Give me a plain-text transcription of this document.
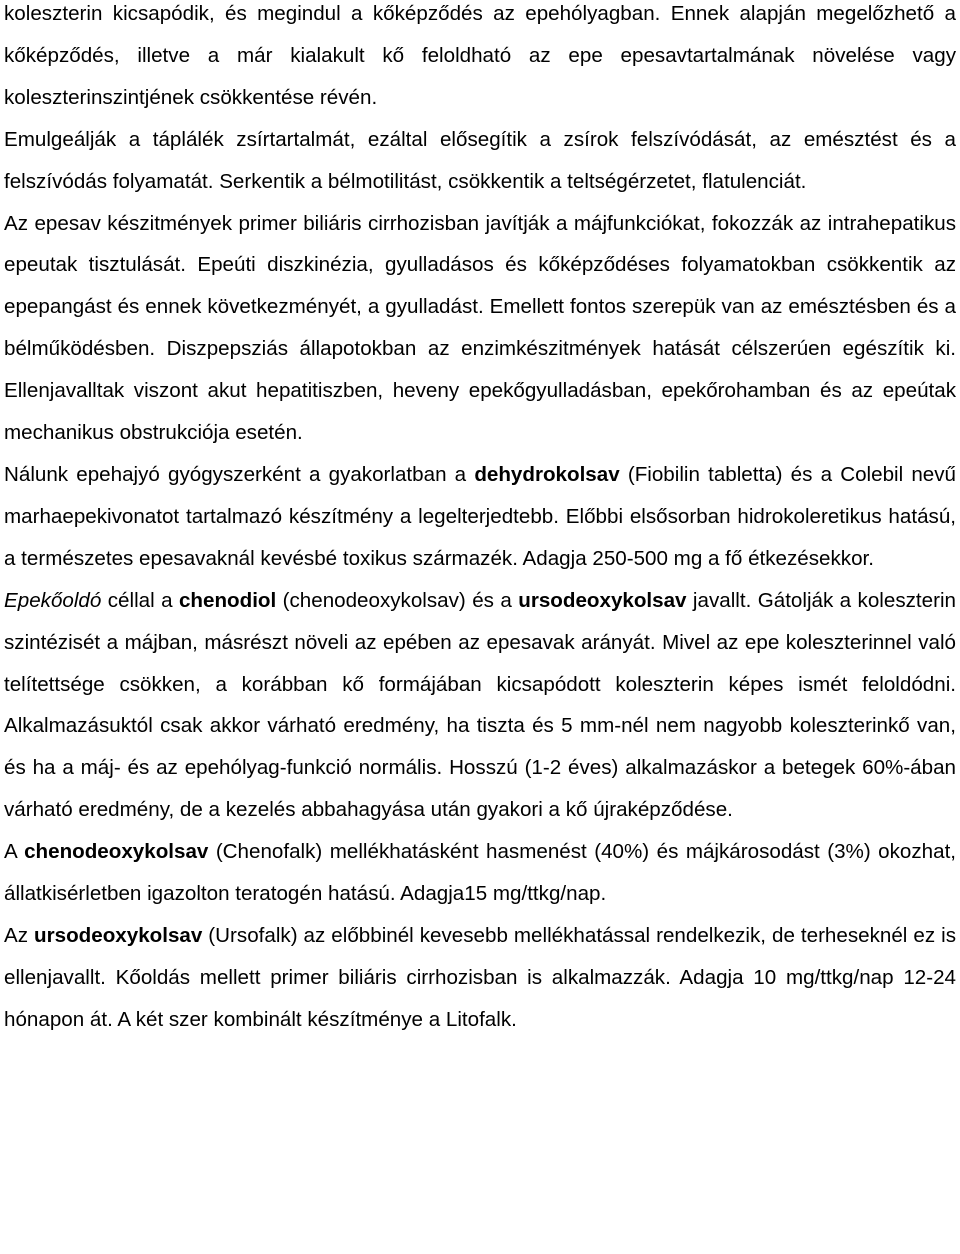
koleszterin kicsapódik, és megindul a kőképződés az epehólyagban. Ennek alapján megelőzhető a kőképződés, illetve a már kialakult kő feloldható az epe epesavtartalmának növelése vagy koleszterinszintjének csökkentése révén.

Emulgeálják a táplálék zsírtartalmát, ezáltal elősegítik a zsírok felszívódását, az emésztést és a felszívódás folyamatát. Serkentik a bélmotilitást, csökkentik a teltségérzetet, flatulenciát.

Az epesav készitmények primer biliáris cirrhozisban javítják a májfunkciókat, fokozzák az intrahepatikus epeutak tisztulását. Epeúti diszkinézia, gyulladásos és kőképződéses folyamatokban csökkentik az epepangást és ennek következményét, a gyulladást. Emellett fontos szerepük van az emésztésben és a bélműködésben. Diszpepsziás állapotokban az enzimkészitmények hatását célszerúen egészítik ki. Ellenjavalltak viszont akut hepatitiszben, heveny epekőgyulladásban, epekőrohamban és az epeútak mechanikus obstrukciója esetén.

Nálunk epehajyó gyógyszerként a gyakorlatban a dehydrokolsav (Fiobilin tabletta) és a Colebil nevű marhaepekivonatot tartalmazó készítmény a legelterjedtebb. Előbbi elsősorban hidrokoleretikus hatású, a természetes epesavaknál kevésbé toxikus származék. Adagja 250-500 mg a fő étkezésekkor.

Epekőoldó céllal a chenodiol (chenodeoxykolsav) és a ursodeoxykolsav javallt. Gátolják a koleszterin szintézisét a májban, másrészt növeli az epében az epesavak arányát. Mivel az epe koleszterinnel való telítettsége csökken, a korábban kő formájában kicsapódott koleszterin képes ismét feloldódni. Alkalmazásuktól csak akkor várható eredmény, ha tiszta és 5 mm-nél nem nagyobb koleszterinkő van, és ha a máj- és az epehólyag-funkció normális. Hosszú (1-2 éves) alkalmazáskor a betegek 60%-ában várható eredmény, de a kezelés abbahagyása után gyakori a kő újraképződése.

A chenodeoxykolsav (Chenofalk) mellékhatásként hasmenést (40%) és májkárosodást (3%) okozhat, állatkisérletben igazolton teratogén hatású. Adagja15 mg/ttkg/nap.

Az ursodeoxykolsav (Ursofalk) az előbbinél kevesebb mellékhatással rendelkezik, de terheseknél ez is ellenjavallt. Kőoldás mellett primer biliáris cirrhozisban is alkalmazzák. Adagja 10 mg/ttkg/nap 12-24 hónapon át. A két szer kombinált készítménye a Litofalk.
